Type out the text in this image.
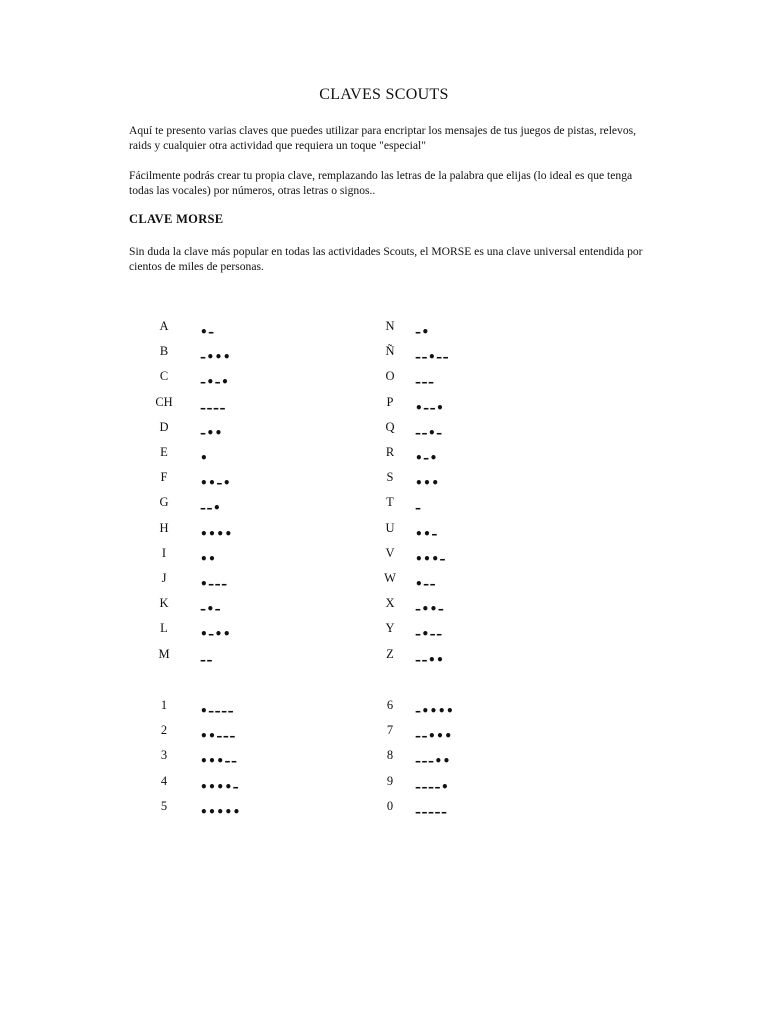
CLAVES SCOUTS
Aquí te presento varias claves que puedes utilizar para encriptar los mensajes de tus juegos de pistas, relevos, raids y cualquier otra actividad que requiera un toque "especial"
Fácilmente podrás crear tu propia clave, remplazando las letras de la palabra que elijas (lo ideal es que tenga todas las vocales) por números, otras letras o signos..
CLAVE MORSE
Sin duda la clave más popular en todas las actividades Scouts, el MORSE es una clave universal entendida por cientos de miles de personas.
A	•–
B	–•••
C	–•–•
CH	––––
D	–••
E	•
F	••–•
G	––•
H	••••
I	••
J	•–––
K	–•–
L	•–••
M	––
N	–•
Ñ	––•––
O	–––
P	•––•
Q	––•–
R	•–•
S	•••
T	–
U	••–
V	•••–
W	•––
X	–••–
Y	–•––
Z	––••
1	•––––
2	••–––
3	•••––
4	••••–
5	•••••
6	–••••
7	––•••
8	–––••
9	––––•
0	–––––
